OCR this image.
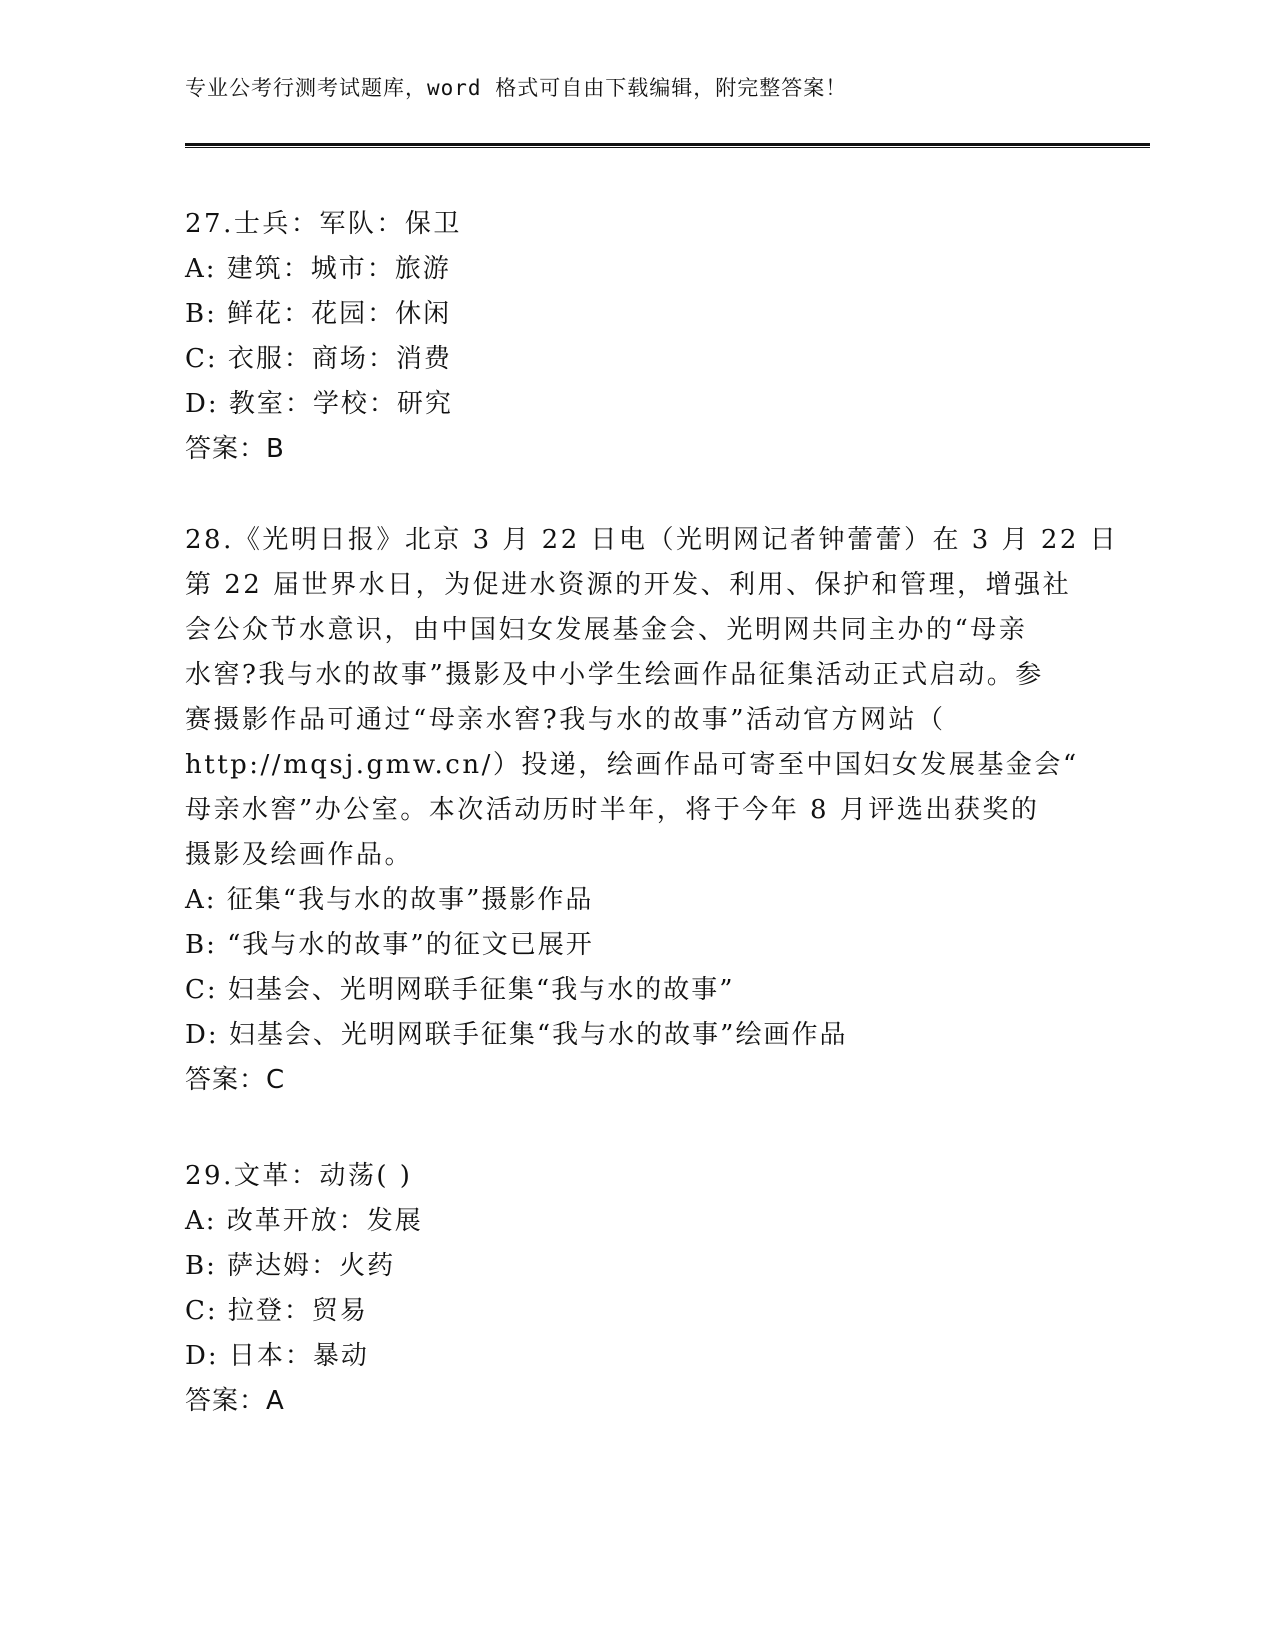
专业公考行测考试题库，word 格式可自由下载编辑，附完整答案！
27.士兵：军队：保卫
A: 建筑：城市：旅游
B: 鲜花：花园：休闲
C: 衣服：商场：消费
D: 教室：学校：研究
答案：B
28.《光明日报》北京 3 月 22 日电（光明网记者钟蕾蕾）在 3 月 22 日
第 22 届世界水日，为促进水资源的开发、利用、保护和管理，增强社
会公众节水意识，由中国妇女发展基金会、光明网共同主办的“母亲
水窖?我与水的故事”摄影及中小学生绘画作品征集活动正式启动。参
赛摄影作品可通过“母亲水窖?我与水的故事”活动官方网站（
http://mqsj.gmw.cn/）投递，绘画作品可寄至中国妇女发展基金会“
母亲水窖”办公室。本次活动历时半年，将于今年 8 月评选出获奖的
摄影及绘画作品。
A: 征集“我与水的故事”摄影作品
B: “我与水的故事”的征文已展开
C: 妇基会、光明网联手征集“我与水的故事”
D: 妇基会、光明网联手征集“我与水的故事”绘画作品
答案：C
29.文革：动荡( )
A: 改革开放：发展
B: 萨达姆：火药
C: 拉登：贸易
D: 日本：暴动
答案：A
